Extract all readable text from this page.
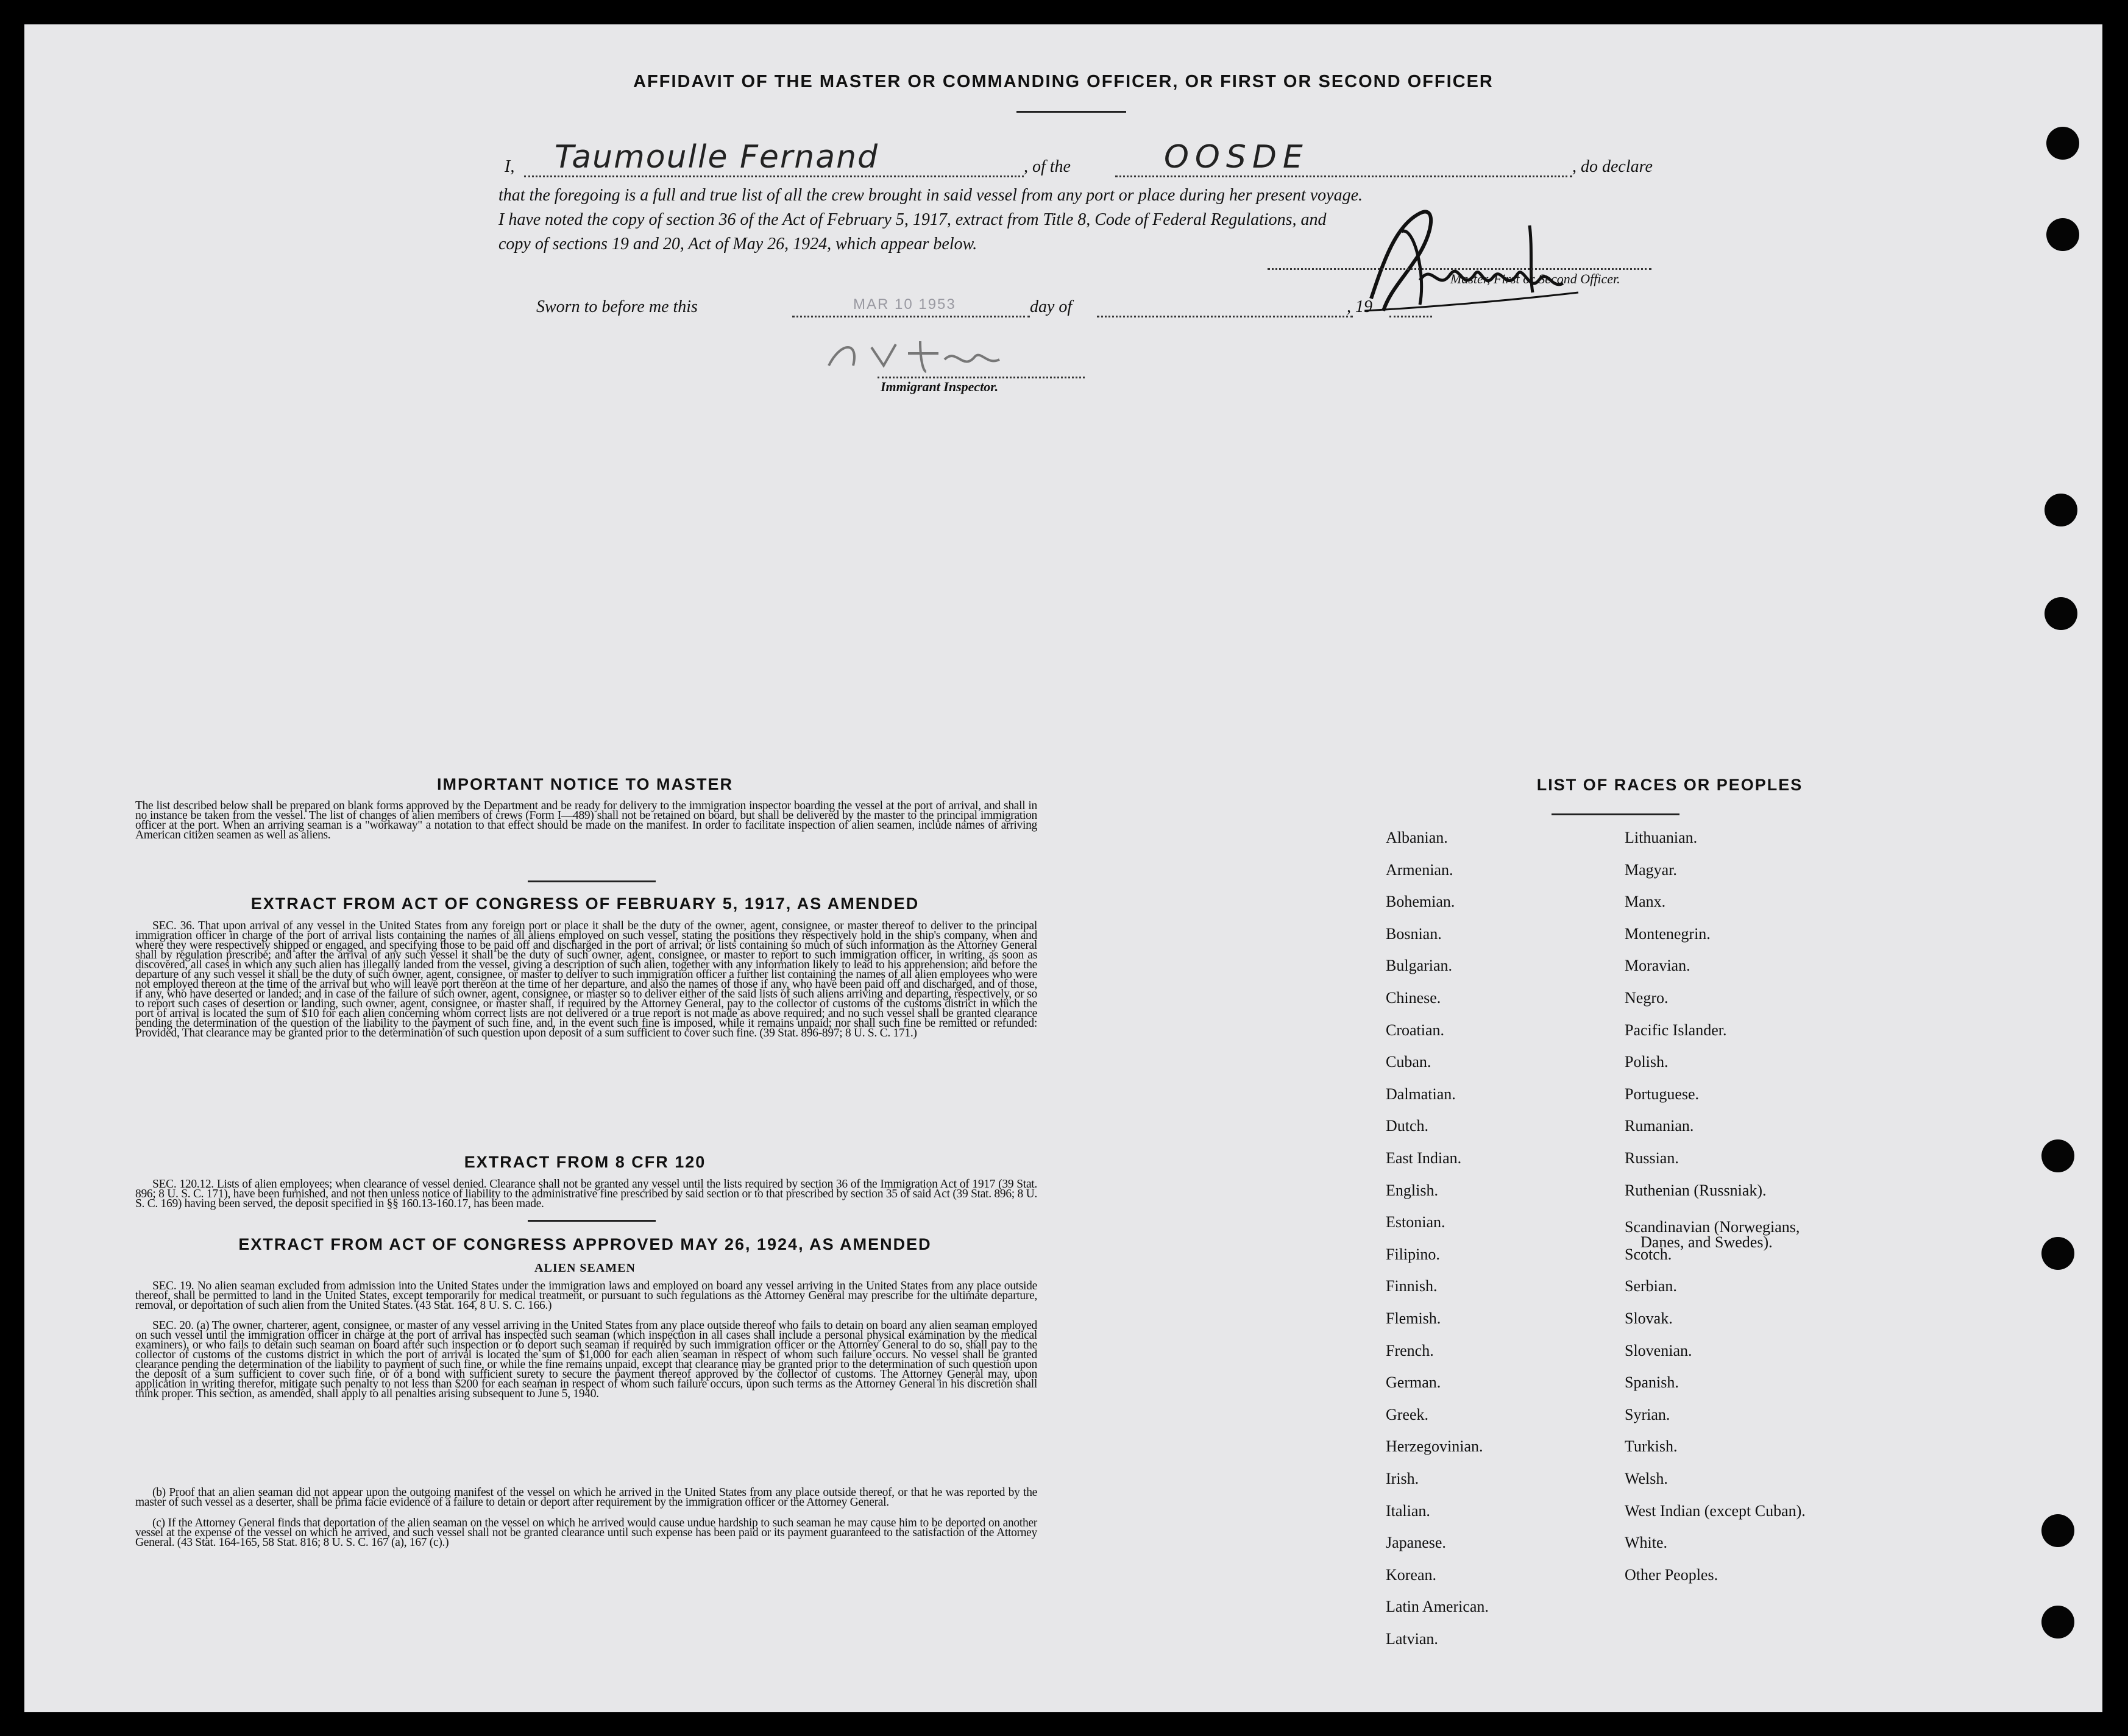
AFFIDAVIT OF THE MASTER OR COMMANDING OFFICER, OR FIRST OR SECOND OFFICER
I, Taumoulle Fernand	, of the	OOSDE	, do declare
that the foregoing is a full and true list of all the crew brought in said vessel from any port or place during her present voyage.
I have noted the copy of section 36 of the Act of February 5, 1917, extract from Title 8, Code of Federal Regulations, and
copy of sections 19 and 20, Act of May 26, 1924, which appear below.
Master, First or Second Officer.
Sworn to before me this	MAR 10 1953	day of	, 19
Immigrant Inspector.
IMPORTANT NOTICE TO MASTER
The list described below shall be prepared on blank forms approved by the Department and be ready for delivery to the immigration inspector boarding the vessel at the port of arrival, and shall in no instance be taken from the vessel. The list of changes of alien members of crews (Form I—489) shall not be retained on board, but shall be delivered by the master to the principal immigration officer at the port. When an arriving seaman is a "workaway" a notation to that effect should be made on the manifest. In order to facilitate inspection of alien seamen, include names of arriving American citizen seamen as well as aliens.
EXTRACT FROM ACT OF CONGRESS OF FEBRUARY 5, 1917, AS AMENDED
SEC. 36. That upon arrival of any vessel in the United States from any foreign port or place it shall be the duty of the owner, agent, consignee, or master thereof to deliver to the principal immigration officer in charge of the port of arrival lists containing the names of all aliens employed on such vessel, stating the positions they respectively hold in the ship's company, when and where they were respectively shipped or engaged, and specifying those to be paid off and discharged in the port of arrival; or lists containing so much of such information as the Attorney General shall by regulation prescribe; and after the arrival of any such vessel it shall be the duty of such owner, agent, consignee, or master to report to such immigration officer, in writing, as soon as discovered, all cases in which any such alien has illegally landed from the vessel, giving a description of such alien, together with any information likely to lead to his apprehension; and before the departure of any such vessel it shall be the duty of such owner, agent, consignee, or master to deliver to such immigration officer a further list containing the names of all alien employees who were not employed thereon at the time of the arrival but who will leave port thereon at the time of her departure, and also the names of those if any, who have been paid off and discharged, and of those, if any, who have deserted or landed; and in case of the failure of such owner, agent, consignee, or master so to deliver either of the said lists of such aliens arriving and departing, respectively, or so to report such cases of desertion or landing, such owner, agent, consignee, or master shall, if required by the Attorney General, pay to the collector of customs of the customs district in which the port of arrival is located the sum of $10 for each alien concerning whom correct lists are not delivered or a true report is not made as above required; and no such vessel shall be granted clearance pending the determination of the question of the liability to the payment of such fine, and, in the event such fine is imposed, while it remains unpaid; nor shall such fine be remitted or refunded: Provided, That clearance may be granted prior to the determination of such question upon deposit of a sum sufficient to cover such fine. (39 Stat. 896-897; 8 U. S. C. 171.)
EXTRACT FROM 8 CFR 120
SEC. 120.12. Lists of alien employees; when clearance of vessel denied. Clearance shall not be granted any vessel until the lists required by section 36 of the Immigration Act of 1917 (39 Stat. 896; 8 U. S. C. 171), have been furnished, and not then unless notice of liability to the administrative fine prescribed by said section or to that prescribed by section 35 of said Act (39 Stat. 896; 8 U. S. C. 169) having been served, the deposit specified in §§ 160.13-160.17, has been made.
EXTRACT FROM ACT OF CONGRESS APPROVED MAY 26, 1924, AS AMENDED
ALIEN SEAMEN
SEC. 19. No alien seaman excluded from admission into the United States under the immigration laws and employed on board any vessel arriving in the United States from any place outside thereof, shall be permitted to land in the United States, except temporarily for medical treatment, or pursuant to such regulations as the Attorney General may prescribe for the ultimate departure, removal, or deportation of such alien from the United States. (43 Stat. 164, 8 U. S. C. 166.)
SEC. 20. (a) The owner, charterer, agent, consignee, or master of any vessel arriving in the United States from any place outside thereof who fails to detain on board any alien seaman employed on such vessel until the immigration officer in charge at the port of arrival has inspected such seaman (which inspection in all cases shall include a personal physical examination by the medical examiners), or who fails to detain such seaman on board after such inspection or to deport such seaman if required by such immigration officer or the Attorney General to do so, shall pay to the collector of customs of the customs district in which the port of arrival is located the sum of $1,000 for each alien seaman in respect of whom such failure occurs. No vessel shall be granted clearance pending the determination of the liability to payment of such fine, or while the fine remains unpaid, except that clearance may be granted prior to the determination of such question upon the deposit of a sum sufficient to cover such fine, or of a bond with sufficient surety to secure the payment thereof approved by the collector of customs. The Attorney General may, upon application in writing therefor, mitigate such penalty to not less than $200 for each seaman in respect of whom such failure occurs, upon such terms as the Attorney General in his discretion shall think proper. This section, as amended, shall apply to all penalties arising subsequent to June 5, 1940.
(b) Proof that an alien seaman did not appear upon the outgoing manifest of the vessel on which he arrived in the United States from any place outside thereof, or that he was reported by the master of such vessel as a deserter, shall be prima facie evidence of a failure to detain or deport after requirement by the immigration officer or the Attorney General.
(c) If the Attorney General finds that deportation of the alien seaman on the vessel on which he arrived would cause undue hardship to such seaman he may cause him to be deported on another vessel at the expense of the vessel on which he arrived, and such vessel shall not be granted clearance until such expense has been paid or its payment guaranteed to the satisfaction of the Attorney General. (43 Stat. 164-165, 58 Stat. 816; 8 U. S. C. 167 (a), 167 (c).)
LIST OF RACES OR PEOPLES
Albanian.
Armenian.
Bohemian.
Bosnian.
Bulgarian.
Chinese.
Croatian.
Cuban.
Dalmatian.
Dutch.
East Indian.
English.
Estonian.
Filipino.
Finnish.
Flemish.
French.
German.
Greek.
Herzegovinian.
Irish.
Italian.
Japanese.
Korean.
Latin American.
Latvian.
Lithuanian.
Magyar.
Manx.
Montenegrin.
Moravian.
Negro.
Pacific Islander.
Polish.
Portuguese.
Rumanian.
Russian.
Ruthenian (Russniak).
Scandinavian (Norwegians,
Danes, and Swedes).
Scotch.
Serbian.
Slovak.
Slovenian.
Spanish.
Syrian.
Turkish.
Welsh.
West Indian (except Cuban).
White.
Other Peoples.
